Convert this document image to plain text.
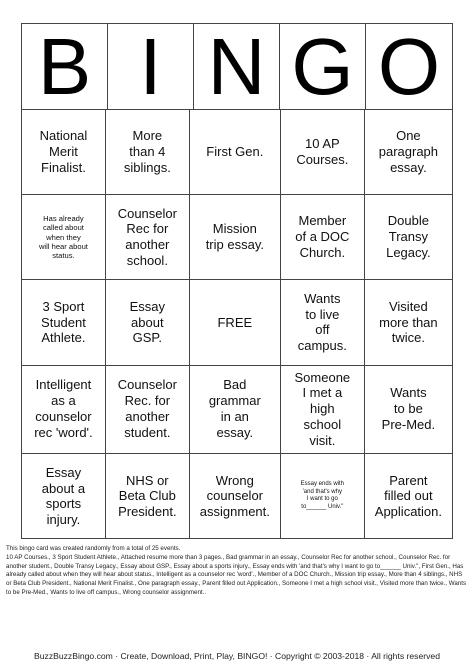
B I N G O
National
Merit
Finalist.
More
than 4
siblings.
First Gen.
10 AP
Courses.
One
paragraph
essay.
Has already
called about
when they
will hear about
status.
Counselor
Rec for
another
school.
Mission
trip essay.
Member
of a DOC
Church.
Double
Transy
Legacy.
3 Sport
Student
Athlete.
Essay
about
GSP.
FREE
Wants
to live
off campus.
Visited
more than
twice.
Intelligent
as a
counselor
rec 'word'.
Counselor
Rec. for
another
student.
Bad
grammar
in an
essay.
Someone
I met a
high school
visit.
Wants
to be
Pre-Med.
Essay
about a
sports
injury.
NHS or
Beta Club
President.
Wrong
counselor
assignment.
Essay ends with
'and that's why
I want to go
to______ Univ."
Parent
filled out
Application.
This bingo card was created randomly from a total of 25 events.
10 AP Courses., 3 Sport Student Athlete., Attached resume more than 3 pages., Bad grammar in an essay., Counselor Rec for another school., Counselor Rec. for another student., Double Transy Legacy., Essay about GSP., Essay about a sports injury., Essay ends with 'and that's why I want to go to______ Univ.", First Gen., Has already called about when they will hear about status., Intelligent as a counselor rec 'word'., Member of a DOC Church., Mission trip essay., More than 4 siblings., NHS or Beta Club President., National Merit Finalist., One paragraph essay., Parent filled out Application., Someone I met a high school visit., Visited more than twice., Wants to be Pre-Med., Wants to live off campus., Wrong counselor assignment..
BuzzBuzzBingo.com · Create, Download, Print, Play, BINGO! · Copyright © 2003-2018 · All rights reserved
